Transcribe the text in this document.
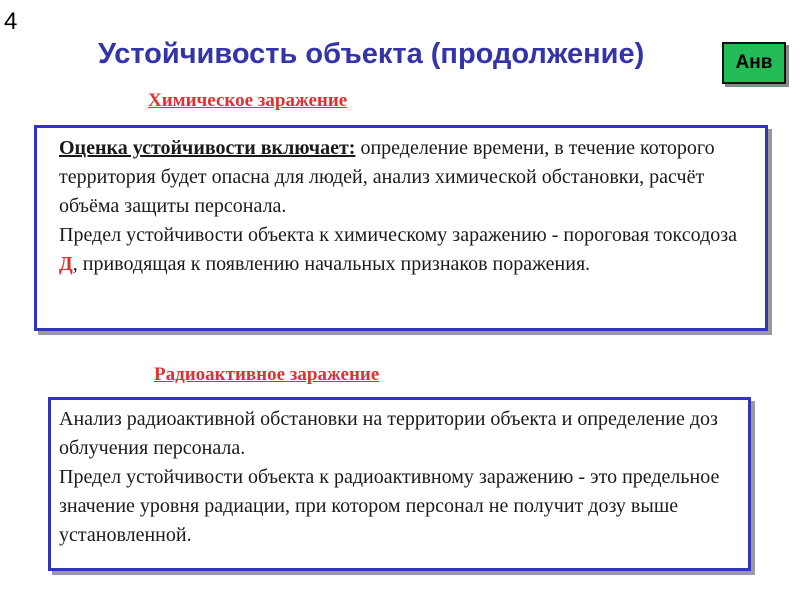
4
Устойчивость объекта (продолжение)	Анв
Химическое заражение

Оценка устойчивости включает: определение времени, в течение которого территория будет опасна для людей, анализ химической обстановки, расчёт объёма защиты персонала.

Предел устойчивости объекта к химическому заражению - пороговая токсодоза Д, приводящая к появлению начальных признаков поражения.

Радиоактивное заражение

Анализ радиоактивной обстановки на территории объекта и определение доз облучения персонала.

Предел устойчивости объекта к радиоактивному заражению - это предельное значение уровня радиации, при котором персонал не получит дозу выше установленной.
